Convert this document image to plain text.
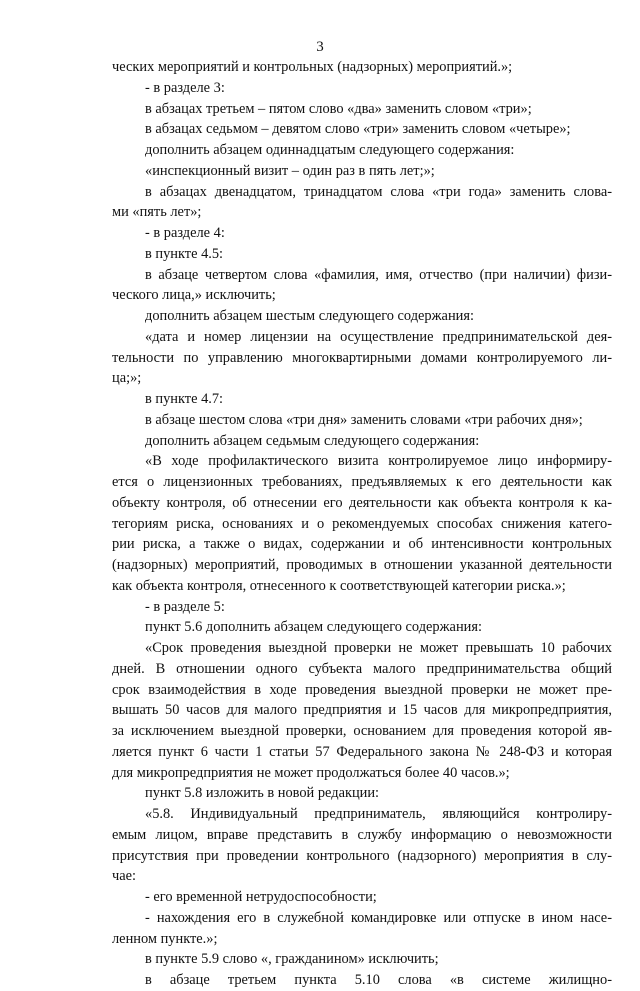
3
ческих мероприятий и контрольных (надзорных) мероприятий.»;
- в разделе 3:
в абзацах третьем – пятом слово «два» заменить словом «три»;
в абзацах седьмом – девятом слово «три» заменить словом «четыре»;
дополнить абзацем одиннадцатым следующего содержания:
«инспекционный визит – один раз в пять лет;»;
в абзацах двенадцатом, тринадцатом слова «три года» заменить слова-
ми «пять лет»;
- в разделе 4:
в пункте 4.5:
в абзаце четвертом слова «фамилия, имя, отчество (при наличии) физи-
ческого лица,» исключить;
дополнить абзацем шестым следующего содержания:
«дата и номер лицензии на осуществление предпринимательской дея-
тельности по управлению многоквартирными домами контролируемого ли-
ца;»;
в пункте 4.7:
в абзаце шестом слова «три дня» заменить словами «три рабочих дня»;
дополнить абзацем седьмым следующего содержания:
«В ходе профилактического визита контролируемое лицо информиру-
ется о лицензионных требованиях, предъявляемых к его деятельности как
объекту контроля, об отнесении его деятельности как объекта контроля к ка-
тегориям риска, основаниях и о рекомендуемых способах снижения катего-
рии риска, а также о видах, содержании и об интенсивности контрольных
(надзорных) мероприятий, проводимых в отношении указанной деятельности
как объекта контроля, отнесенного к соответствующей категории риска.»;
- в разделе 5:
пункт 5.6 дополнить абзацем следующего содержания:
«Срок проведения выездной проверки не может превышать 10 рабочих
дней. В отношении одного субъекта малого предпринимательства общий
срок взаимодействия в ходе проведения выездной проверки не может пре-
вышать 50 часов для малого предприятия и 15 часов для микропредприятия,
за исключением выездной проверки, основанием для проведения которой яв-
ляется пункт 6 части 1 статьи 57 Федерального закона № 248-ФЗ и которая
для микропредприятия не может продолжаться более 40 часов.»;
пункт 5.8 изложить в новой редакции:
«5.8. Индивидуальный предприниматель, являющийся контролиру-
емым лицом, вправе представить в службу информацию о невозможности
присутствия при проведении контрольного (надзорного) мероприятия в слу-
чае:
- его временной нетрудоспособности;
- нахождения его в служебной командировке или отпуске в ином насе-
ленном пункте.»;
в пункте 5.9 слово «, гражданином» исключить;
в абзаце третьем пункта 5.10 слова «в системе жилищно-
